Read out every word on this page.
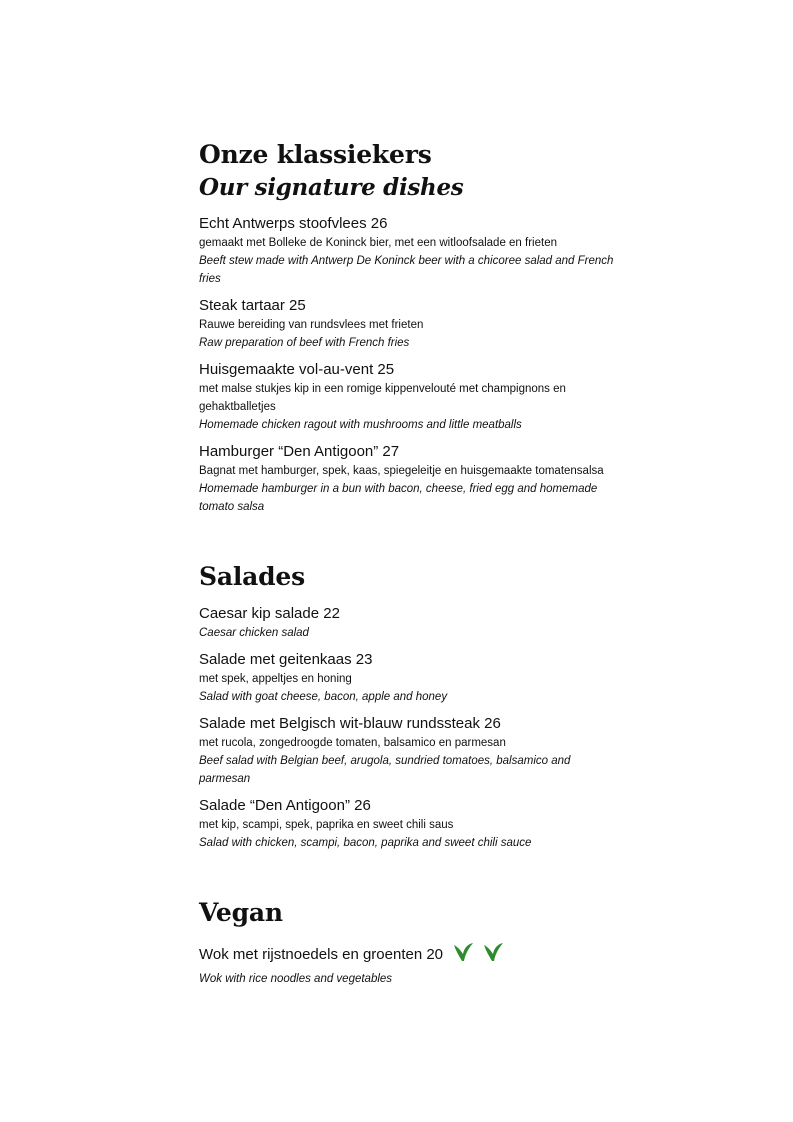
Onze klassiekers
Our signature dishes

Echt Antwerps stoofvlees 26

gemaakt met Bolleke de Koninck bier, met een witloofsalade en frieten

Beeft stew made with Antwerp De Koninck beer with a chicoree salad and French fries

Steak tartaar 25

Rauwe bereiding van rundsvlees met frieten

Raw preparation of beef with French fries

Huisgemaakte vol-au-vent 25

met malse stukjes kip in een romige kippenvelouté met champignons en gehaktballetjes

Homemade chicken ragout with mushrooms and little meatballs

Hamburger “Den Antigoon” 27

Bagnat met hamburger, spek, kaas, spiegeleitje en huisgemaakte tomatensalsa

Homemade hamburger in a bun with bacon, cheese, fried egg and homemade tomato salsa

Salades

Caesar kip salade 22

Caesar chicken salad

Salade met geitenkaas 23

met spek, appeltjes en honing

Salad with goat cheese, bacon, apple and honey

Salade met Belgisch wit-blauw rundssteak 26

met rucola, zongedroogde tomaten, balsamico en parmesan

Beef salad with Belgian beef, arugola, sundried tomatoes, balsamico and parmesan

Salade “Den Antigoon” 26

met kip, scampi, spek, paprika en sweet chili saus

Salad with chicken, scampi, bacon, paprika and sweet chili sauce

Vegan

Wok met rijstnoedels en groenten 20

Wok with rice noodles and vegetables
